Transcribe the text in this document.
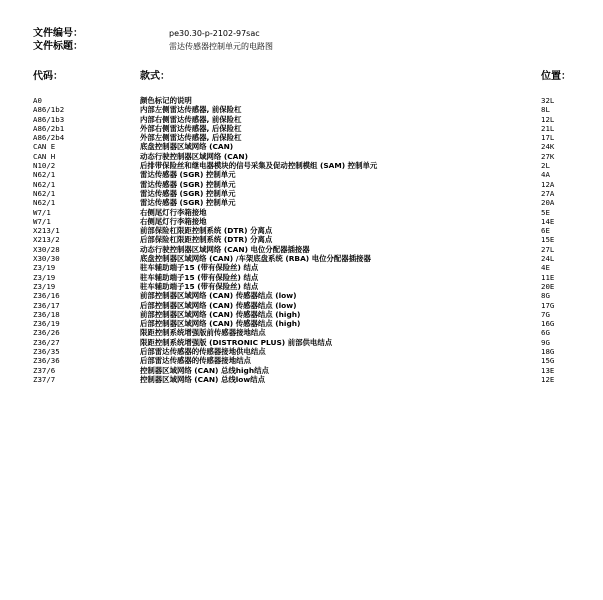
文件编号：	pe30.30-p-2102-97sac
文件标题：	雷达传感器控制单元的电路图
代码：	款式：	位置：
A0	颜色标记的说明	32L
A86/1b2	内部左侧雷达传感器, 前保险杠	8L
A86/1b3	内部右侧雷达传感器, 前保险杠	12L
A86/2b1	外部右侧雷达传感器, 后保险杠	21L
A86/2b4	外部左侧雷达传感器, 后保险杠	17L
CAN E	底盘控制器区域网络 (CAN)	24K
CAN H	动态行驶控制器区域网络 (CAN)	27K
N10/2	后排带保险丝和继电器模块的信号采集及促动控制模组 (SAM) 控制单元	2L
N62/1	雷达传感器 (SGR) 控制单元	4A
N62/1	雷达传感器 (SGR) 控制单元	12A
N62/1	雷达传感器 (SGR) 控制单元	27A
N62/1	雷达传感器 (SGR) 控制单元	20A
W7/1	右侧尾灯行李箱接地	5E
W7/1	右侧尾灯行李箱接地	14E
X213/1	前部保险杠限距控制系统 (DTR) 分离点	6E
X213/2	后部保险杠限距控制系统 (DTR) 分离点	15E
X30/28	动态行驶控制器区域网络 (CAN) 电位分配器插接器	27L
X30/30	底盘控制器区域网络 (CAN) /车架底盘系统 (RBA) 电位分配器插接器	24L
Z3/19	驻车辅助端子15 (带有保险丝) 结点	4E
Z3/19	驻车辅助端子15 (带有保险丝) 结点	11E
Z3/19	驻车辅助端子15 (带有保险丝) 结点	20E
Z36/16	前部控制器区域网络 (CAN) 传感器结点 (low)	8G
Z36/17	后部控制器区域网络 (CAN) 传感器结点 (low)	17G
Z36/18	前部控制器区域网络 (CAN) 传感器结点 (high)	7G
Z36/19	后部控制器区域网络 (CAN) 传感器结点 (high)	16G
Z36/26	限距控制系统增强版前传感器接地结点	6G
Z36/27	限距控制系统增强版 (DISTRONIC PLUS) 前部供电结点	9G
Z36/35	后部雷达传感器的传感器接地供电结点	18G
Z36/36	后部雷达传感器的传感器接地结点	15G
Z37/6	控制器区域网络 (CAN) 总线high结点	13E
Z37/7	控制器区域网络 (CAN) 总线low结点	12E
